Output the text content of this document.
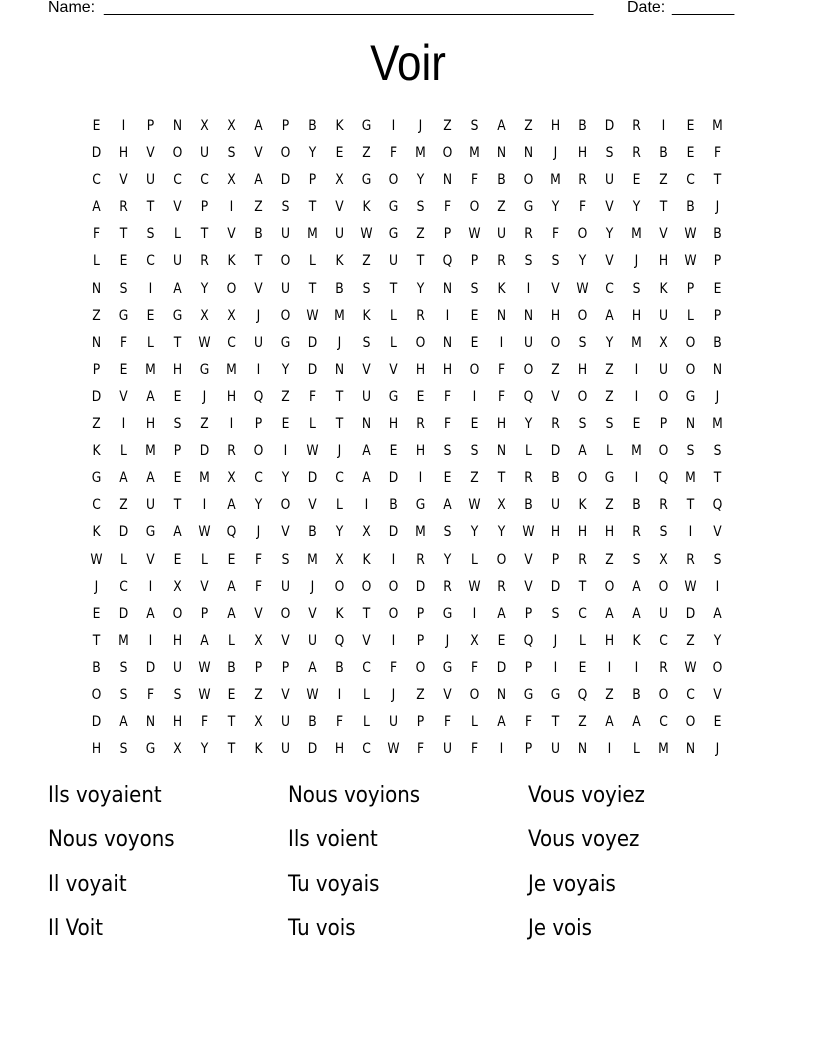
Name: _______________________________________________________ Date: _______
Voir
E	I	P	N	X	X	A	P	B	K	G	I	J	Z	S	A	Z	H	B	D	R	I	E	M
D	H	V	O	U	S	V	O	Y	E	Z	F	M	O	M	N	N	J	H	S	R	B	E	F
C	V	U	C	C	X	A	D	P	X	G	O	Y	N	F	B	O	M	R	U	E	Z	C	T
A	R	T	V	P	I	Z	S	T	V	K	G	S	F	O	Z	G	Y	F	V	Y	T	B	J
F	T	S	L	T	V	B	U	M	U	W	G	Z	P	W	U	R	F	O	Y	M	V	W	B
L	E	C	U	R	K	T	O	L	K	Z	U	T	Q	P	R	S	S	Y	V	J	H	W	P
N	S	I	A	Y	O	V	U	T	B	S	T	Y	N	S	K	I	V	W	C	S	K	P	E
Z	G	E	G	X	X	J	O	W	M	K	L	R	I	E	N	N	H	O	A	H	U	L	P
N	F	L	T	W	C	U	G	D	J	S	L	O	N	E	I	U	O	S	Y	M	X	O	B
P	E	M	H	G	M	I	Y	D	N	V	V	H	H	O	F	O	Z	H	Z	I	U	O	N
D	V	A	E	J	H	Q	Z	F	T	U	G	E	F	I	F	Q	V	O	Z	I	O	G	J
Z	I	H	S	Z	I	P	E	L	T	N	H	R	F	E	H	Y	R	S	S	E	P	N	M
K	L	M	P	D	R	O	I	W	J	A	E	H	S	S	N	L	D	A	L	M	O	S	S
G	A	A	E	M	X	C	Y	D	C	A	D	I	E	Z	T	R	B	O	G	I	Q	M	T
C	Z	U	T	I	A	Y	O	V	L	I	B	G	A	W	X	B	U	K	Z	B	R	T	Q
K	D	G	A	W	Q	J	V	B	Y	X	D	M	S	Y	Y	W	H	H	H	R	S	I	V
W	L	V	E	L	E	F	S	M	X	K	I	R	Y	L	O	V	P	R	Z	S	X	R	S
J	C	I	X	V	A	F	U	J	O	O	O	D	R	W	R	V	D	T	O	A	O	W	I
E	D	A	O	P	A	V	O	V	K	T	O	P	G	I	A	P	S	C	A	A	U	D	A
T	M	I	H	A	L	X	V	U	Q	V	I	P	J	X	E	Q	J	L	H	K	C	Z	Y
B	S	D	U	W	B	P	P	A	B	C	F	O	G	F	D	P	I	E	I	I	R	W	O
O	S	F	S	W	E	Z	V	W	I	L	J	Z	V	O	N	G	G	Q	Z	B	O	C	V
D	A	N	H	F	T	X	U	B	F	L	U	P	F	L	A	F	T	Z	A	A	C	O	E
H	S	G	X	Y	T	K	U	D	H	C	W	F	U	F	I	P	U	N	I	L	M	N	J
Ils voyaient	Nous voyions	Vous voyiez
Nous voyons	Ils voient	Vous voyez
Il voyait	Tu voyais	Je voyais
Il Voit	Tu vois	Je vois
